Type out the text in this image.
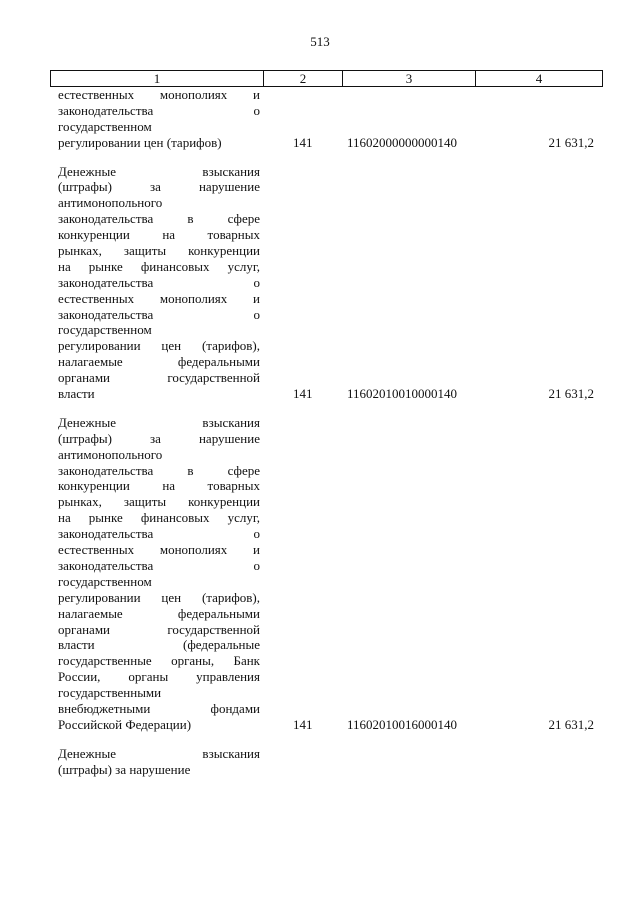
513
1	2	3	4
естественных монополиях и
законодательства о
государственном
регулировании цен (тарифов)	141	11602000000000140	21 631,2
Денежные взыскания
(штрафы) за нарушение
антимонопольного
законодательства в сфере
конкуренции на товарных
рынках, защиты конкуренции
на рынке финансовых услуг,
законодательства о
естественных монополиях и
законодательства о
государственном
регулировании цен (тарифов),
налагаемые федеральными
органами государственной
власти	141	11602010010000140	21 631,2
Денежные взыскания
(штрафы) за нарушение
антимонопольного
законодательства в сфере
конкуренции на товарных
рынках, защиты конкуренции
на рынке финансовых услуг,
законодательства о
естественных монополиях и
законодательства о
государственном
регулировании цен (тарифов),
налагаемые федеральными
органами государственной
власти (федеральные
государственные органы, Банк
России, органы управления
государственными
внебюджетными фондами
Российской Федерации)	141	11602010016000140	21 631,2
Денежные взыскания
(штрафы) за нарушение
